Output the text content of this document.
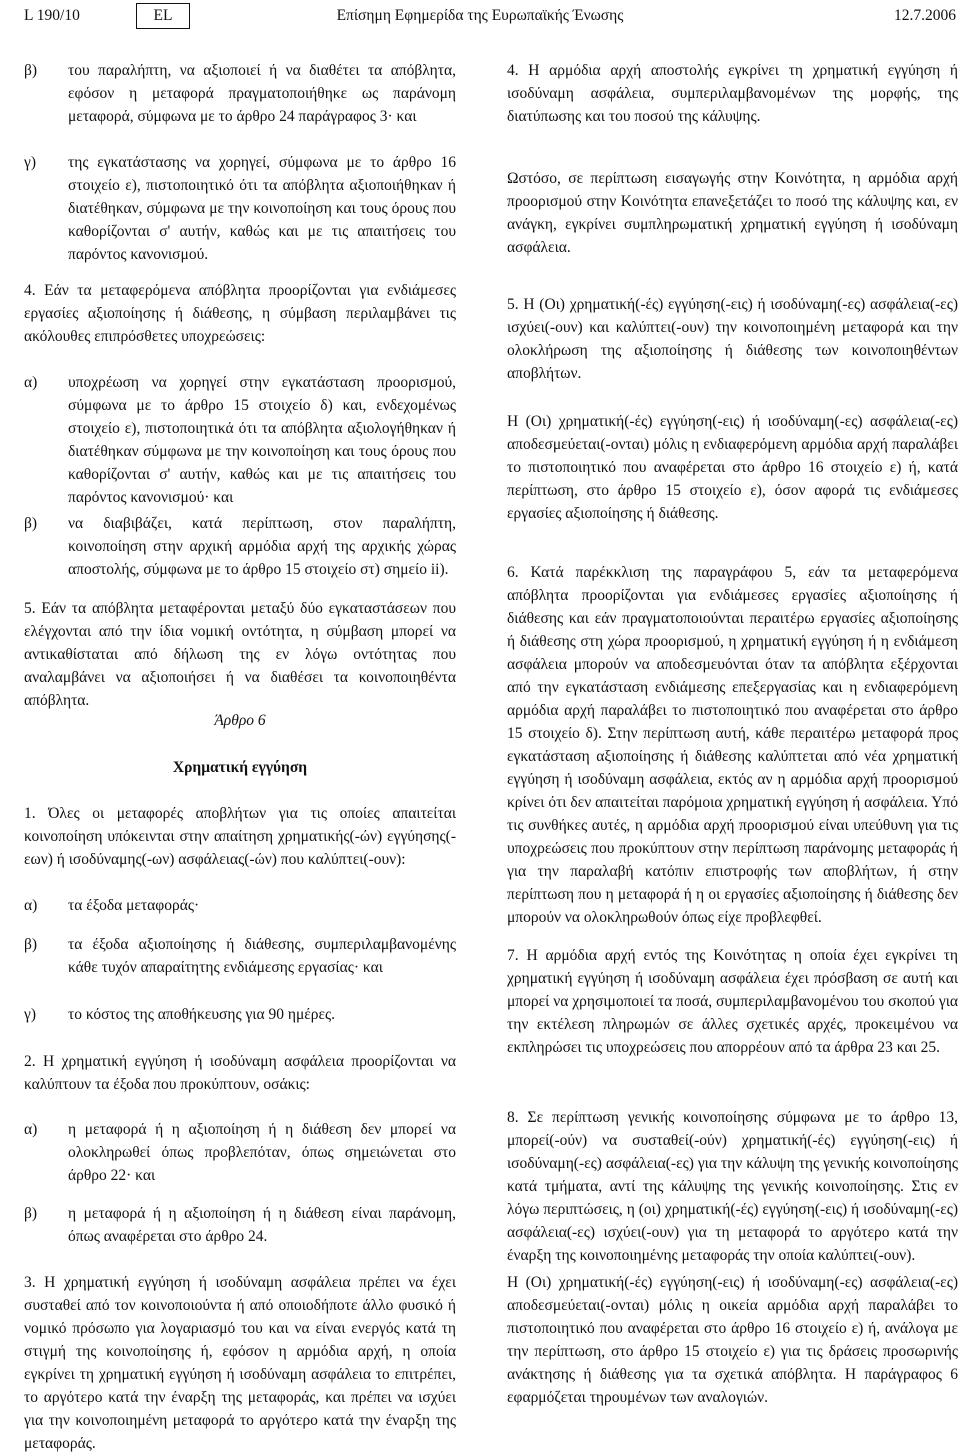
L 190/10	EL	Επίσημη Εφημερίδα της Ευρωπαϊκής Ένωσης	12.7.2006
β)	του παραλήπτη, να αξιοποιεί ή να διαθέτει τα απόβλητα, εφόσον η μεταφορά πραγματοποιήθηκε ως παράνομη μεταφορά, σύμφωνα με το άρθρο 24 παράγραφος 3· και
γ)	της εγκατάστασης να χορηγεί, σύμφωνα με το άρθρο 16 στοιχείο ε), πιστοποιητικό ότι τα απόβλητα αξιοποιήθηκαν ή διατέθηκαν, σύμφωνα με την κοινοποίηση και τους όρους που καθορίζονται σ' αυτήν, καθώς και με τις απαιτήσεις του παρόντος κανονισμού.
4. Εάν τα μεταφερόμενα απόβλητα προορίζονται για ενδιάμεσες εργασίες αξιοποίησης ή διάθεσης, η σύμβαση περιλαμβάνει τις ακόλουθες επιπρόσθετες υποχρεώσεις:
α)	υποχρέωση να χορηγεί στην εγκατάσταση προορισμού, σύμφωνα με το άρθρο 15 στοιχείο δ) και, ενδεχομένως στοιχείο ε), πιστοποιητικά ότι τα απόβλητα αξιολογήθηκαν ή διατέθηκαν σύμφωνα με την κοινοποίηση και τους όρους που καθορίζονται σ' αυτήν, καθώς και με τις απαιτήσεις του παρόντος κανονισμού· και
β)	να διαβιβάζει, κατά περίπτωση, στον παραλήπτη, κοινοποίηση στην αρχική αρμόδια αρχή της αρχικής χώρας αποστολής, σύμφωνα με το άρθρο 15 στοιχείο στ) σημείο ii).
5. Εάν τα απόβλητα μεταφέρονται μεταξύ δύο εγκαταστάσεων που ελέγχονται από την ίδια νομική οντότητα, η σύμβαση μπορεί να αντικαθίσταται από δήλωση της εν λόγω οντότητας που αναλαμβάνει να αξιοποιήσει ή να διαθέσει τα κοινοποιηθέντα απόβλητα.
Άρθρο 6
Χρηματική εγγύηση
1. Όλες οι μεταφορές αποβλήτων για τις οποίες απαιτείται κοινοποίηση υπόκεινται στην απαίτηση χρηματικής(-ών) εγγύησης(-εων) ή ισοδύναμης(-ων) ασφάλειας(-ών) που καλύπτει(-ουν):
α)	τα έξοδα μεταφοράς·
β)	τα έξοδα αξιοποίησης ή διάθεσης, συμπεριλαμβανομένης κάθε τυχόν απαραίτητης ενδιάμεσης εργασίας· και
γ)	το κόστος της αποθήκευσης για 90 ημέρες.
2. Η χρηματική εγγύηση ή ισοδύναμη ασφάλεια προορίζονται να καλύπτουν τα έξοδα που προκύπτουν, οσάκις:
α)	η μεταφορά ή η αξιοποίηση ή η διάθεση δεν μπορεί να ολοκληρωθεί όπως προβλεπόταν, όπως σημειώνεται στο άρθρο 22· και
β)	η μεταφορά ή η αξιοποίηση ή η διάθεση είναι παράνομη, όπως αναφέρεται στο άρθρο 24.
3. Η χρηματική εγγύηση ή ισοδύναμη ασφάλεια πρέπει να έχει συσταθεί από τον κοινοποιούντα ή από οποιοδήποτε άλλο φυσικό ή νομικό πρόσωπο για λογαριασμό του και να είναι ενεργός κατά τη στιγμή της κοινοποίησης ή, εφόσον η αρμόδια αρχή, η οποία εγκρίνει τη χρηματική εγγύηση ή ισοδύναμη ασφάλεια το επιτρέπει, το αργότερο κατά την έναρξη της μεταφοράς, και πρέπει να ισχύει για την κοινοποιημένη μεταφορά το αργότερο κατά την έναρξη της μεταφοράς.
4. Η αρμόδια αρχή αποστολής εγκρίνει τη χρηματική εγγύηση ή ισοδύναμη ασφάλεια, συμπεριλαμβανομένων της μορφής, της διατύπωσης και του ποσού της κάλυψης.
Ωστόσο, σε περίπτωση εισαγωγής στην Κοινότητα, η αρμόδια αρχή προορισμού στην Κοινότητα επανεξετάζει το ποσό της κάλυψης και, εν ανάγκη, εγκρίνει συμπληρωματική χρηματική εγγύηση ή ισοδύναμη ασφάλεια.
5. Η (Οι) χρηματική(-ές) εγγύηση(-εις) ή ισοδύναμη(-ες) ασφάλεια(-ες) ισχύει(-ουν) και καλύπτει(-ουν) την κοινοποιημένη μεταφορά και την ολοκλήρωση της αξιοποίησης ή διάθεσης των κοινοποιηθέντων αποβλήτων.
Η (Οι) χρηματική(-ές) εγγύηση(-εις) ή ισοδύναμη(-ες) ασφάλεια(-ες) αποδεσμεύεται(-ονται) μόλις η ενδιαφερόμενη αρμόδια αρχή παραλάβει το πιστοποιητικό που αναφέρεται στο άρθρο 16 στοιχείο ε) ή, κατά περίπτωση, στο άρθρο 15 στοιχείο ε), όσον αφορά τις ενδιάμεσες εργασίες αξιοποίησης ή διάθεσης.
6. Κατά παρέκκλιση της παραγράφου 5, εάν τα μεταφερόμενα απόβλητα προορίζονται για ενδιάμεσες εργασίες αξιοποίησης ή διάθεσης και εάν πραγματοποιούνται περαιτέρω εργασίες αξιοποίησης ή διάθεσης στη χώρα προορισμού, η χρηματική εγγύηση ή η ενδιάμεση ασφάλεια μπορούν να αποδεσμευόνται όταν τα απόβλητα εξέρχονται από την εγκατάσταση ενδιάμεσης επεξεργασίας και η ενδιαφερόμενη αρμόδια αρχή παραλάβει το πιστοποιητικό που αναφέρεται στο άρθρο 15 στοιχείο δ). Στην περίπτωση αυτή, κάθε περαιτέρω μεταφορά προς εγκατάσταση αξιοποίησης ή διάθεσης καλύπτεται από νέα χρηματική εγγύηση ή ισοδύναμη ασφάλεια, εκτός αν η αρμόδια αρχή προορισμού κρίνει ότι δεν απαιτείται παρόμοια χρηματική εγγύηση ή ασφάλεια. Υπό τις συνθήκες αυτές, η αρμόδια αρχή προορισμού είναι υπεύθυνη για τις υποχρεώσεις που προκύπτουν στην περίπτωση παράνομης μεταφοράς ή για την παραλαβή κατόπιν επιστροφής των αποβλήτων, ή στην περίπτωση που η μεταφορά ή η οι εργασίες αξιοποίησης ή διάθεσης δεν μπορούν να ολοκληρωθούν όπως είχε προβλεφθεί.
7. Η αρμόδια αρχή εντός της Κοινότητας η οποία έχει εγκρίνει τη χρηματική εγγύηση ή ισοδύναμη ασφάλεια έχει πρόσβαση σε αυτή και μπορεί να χρησιμοποιεί τα ποσά, συμπεριλαμβανομένου του σκοπού για την εκτέλεση πληρωμών σε άλλες σχετικές αρχές, προκειμένου να εκπληρώσει τις υποχρεώσεις που απορρέουν από τα άρθρα 23 και 25.
8. Σε περίπτωση γενικής κοινοποίησης σύμφωνα με το άρθρο 13, μπορεί(-ούν) να συσταθεί(-ούν) χρηματική(-ές) εγγύηση(-εις) ή ισοδύναμη(-ες) ασφάλεια(-ες) για την κάλυψη της γενικής κοινοποίησης κατά τμήματα, αντί της κάλυψης της γενικής κοινοποίησης. Στις εν λόγω περιπτώσεις, η (οι) χρηματική(-ές) εγγύηση(-εις) ή ισοδύναμη(-ες) ασφάλεια(-ες) ισχύει(-ουν) για τη μεταφορά το αργότερο κατά την έναρξη της κοινοποιημένης μεταφοράς την οποία καλύπτει(-ουν).
Η (Οι) χρηματική(-ές) εγγύηση(-εις) ή ισοδύναμη(-ες) ασφάλεια(-ες) αποδεσμεύεται(-ονται) μόλις η οικεία αρμόδια αρχή παραλάβει το πιστοποιητικό που αναφέρεται στο άρθρο 16 στοιχείο ε) ή, ανάλογα με την περίπτωση, στο άρθρο 15 στοιχείο ε) για τις δράσεις προσωρινής ανάκτησης ή διάθεσης για τα σχετικά απόβλητα. Η παράγραφος 6 εφαρμόζεται τηρουμένων των αναλογιών.
